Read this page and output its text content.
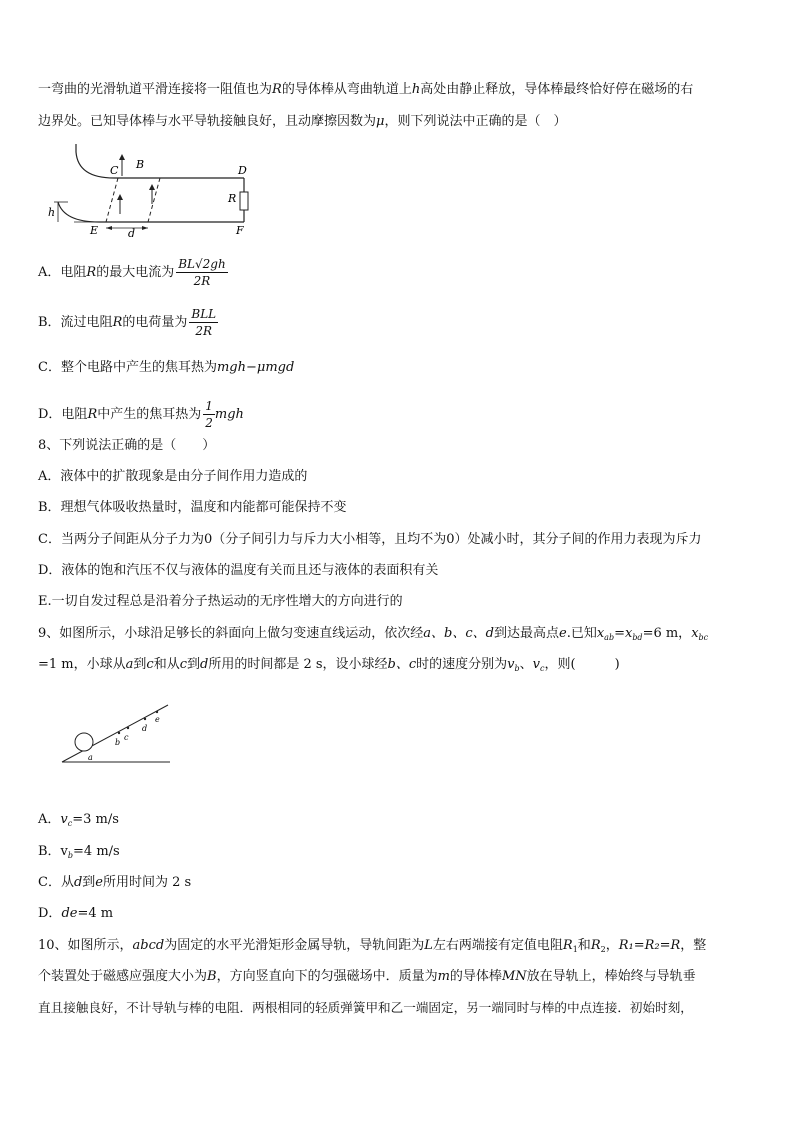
一弯曲的光滑轨道平滑连接将一阻值也为R的导体棒从弯曲轨道上h高处由静止释放，导体棒最终恰好停在磁场的右
边界处。已知导体棒与水平导轨接触良好，且动摩擦因数为μ，则下列说法中正确的是（　）
C B	D
R
h
E	d	F
A．电阻R的最大电流为 $\frac{BL√2gh}{2R}$
B．流过电阻R的电荷量为 $\frac{\text{BLL}}{2R}$
C．整个电路中产生的焦耳热为mgh−μmgd
D．电阻R中产生的焦耳热为 $\frac{1}{2}$ mgh
8、下列说法正确的是（　　）
A．液体中的扩散现象是由分子间作用力造成的
B．理想气体吸收热量时，温度和内能都可能保持不变
C．当两分子间距从分子力为0（分子间引力与斥力大小相等，且均不为0）处减小时，其分子间的作用力表现为斥力
D．液体的饱和汽压不仅与液体的温度有关而且还与液体的表面积有关
E.一切自发过程总是沿着分子热运动的无序性增大的方向进行的
9、如图所示，小球沿足够长的斜面向上做匀变速直线运动，依次经a、b、c、d到达最高点e.已知$x_{ab}=x_{bd}=6$ m，$x_{bc}$
=1 m，小球从a到c和从c到d所用的时间都是 2 s，设小球经b、c时的速度分别为$v_b$、$v_c$，则(　　　)
a
b
c
d
e
A．$v_c=3$ m/s
B．$v_b=4$ m/s
C．从d到e所用时间为 2 s
D．de=4 m
10、如图所示，abcd为固定的水平光滑矩形金属导轨，导轨间距为L左右两端接有定值电阻$R_1$和$R_2$，R₁=R₂=R，整
个装置处于磁感应强度大小为B，方向竖直向下的匀强磁场中．质量为m的导体棒MN放在导轨上，棒始终与导轨垂
直且接触良好，不计导轨与棒的电阻．两根相同的轻质弹簧甲和乙一端固定，另一端同时与棒的中点连接．初始时刻，
